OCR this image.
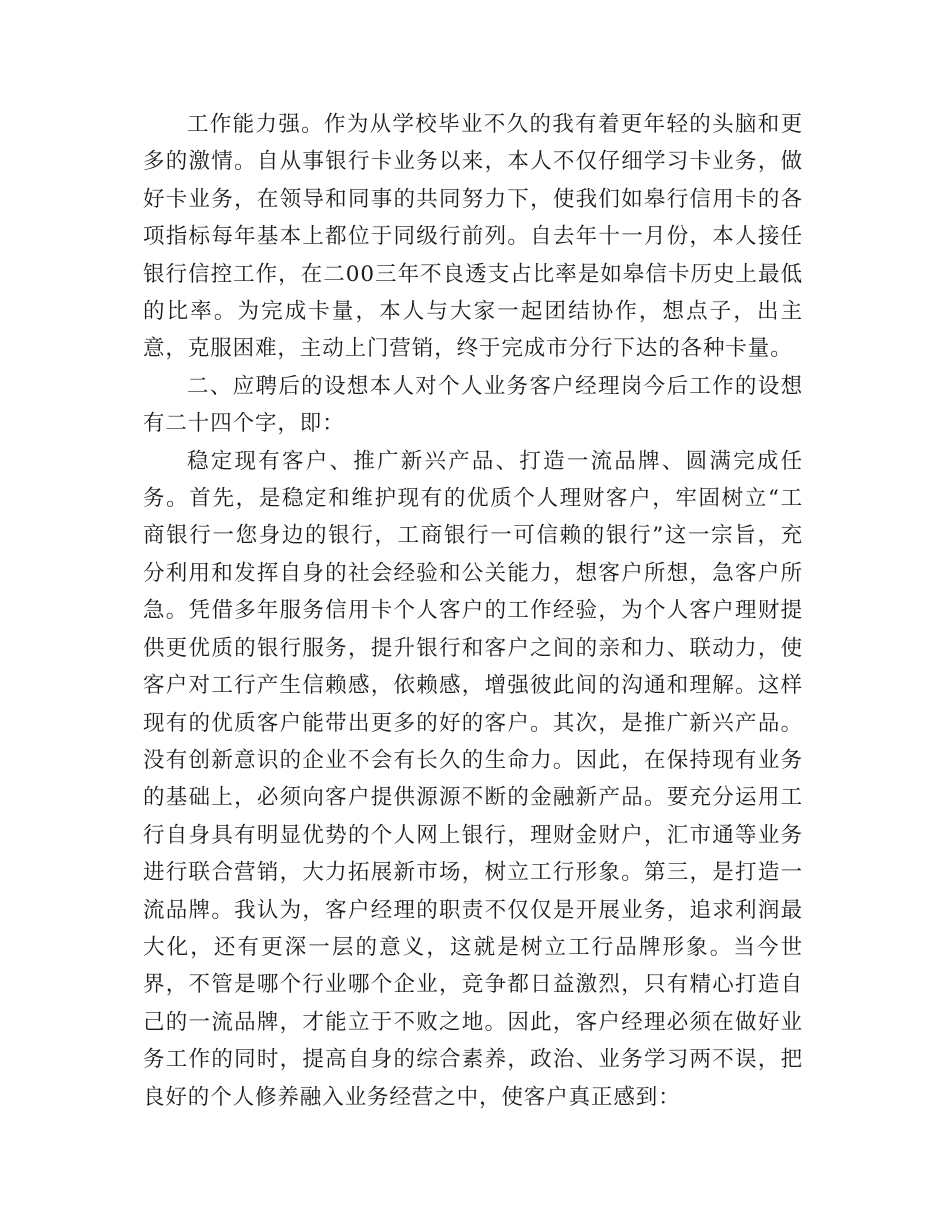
工作能力强。作为从学校毕业不久的我有着更年轻的头脑和更多的激情。自从事银行卡业务以来，本人不仅仔细学习卡业务，做好卡业务，在领导和同事的共同努力下，使我们如皋行信用卡的各项指标每年基本上都位于同级行前列。自去年十一月份，本人接任银行信控工作，在二00三年不良透支占比率是如皋信卡历史上最低的比率。为完成卡量，本人与大家一起团结协作，想点子，出主意，克服困难，主动上门营销，终于完成市分行下达的各种卡量。

二、应聘后的设想本人对个人业务客户经理岗今后工作的设想有二十四个字，即：

稳定现有客户、推广新兴产品、打造一流品牌、圆满完成任务。首先，是稳定和维护现有的优质个人理财客户，牢固树立“工商银行一您身边的银行，工商银行一可信赖的银行”这一宗旨，充分利用和发挥自身的社会经验和公关能力，想客户所想，急客户所急。凭借多年服务信用卡个人客户的工作经验，为个人客户理财提供更优质的银行服务，提升银行和客户之间的亲和力、联动力，使客户对工行产生信赖感，依赖感，增强彼此间的沟通和理解。这样现有的优质客户能带出更多的好的客户。其次，是推广新兴产品。没有创新意识的企业不会有长久的生命力。因此，在保持现有业务的基础上，必须向客户提供源源不断的金融新产品。要充分运用工行自身具有明显优势的个人网上银行，理财金财户，汇市通等业务进行联合营销，大力拓展新市场，树立工行形象。第三，是打造一流品牌。我认为，客户经理的职责不仅仅是开展业务，追求利润最大化，还有更深一层的意义，这就是树立工行品牌形象。当今世界，不管是哪个行业哪个企业，竞争都日益激烈，只有精心打造自己的一流品牌，才能立于不败之地。因此，客户经理必须在做好业务工作的同时，提高自身的综合素养，政治、业务学习两不误，把良好的个人修养融入业务经营之中，使客户真正感到：
